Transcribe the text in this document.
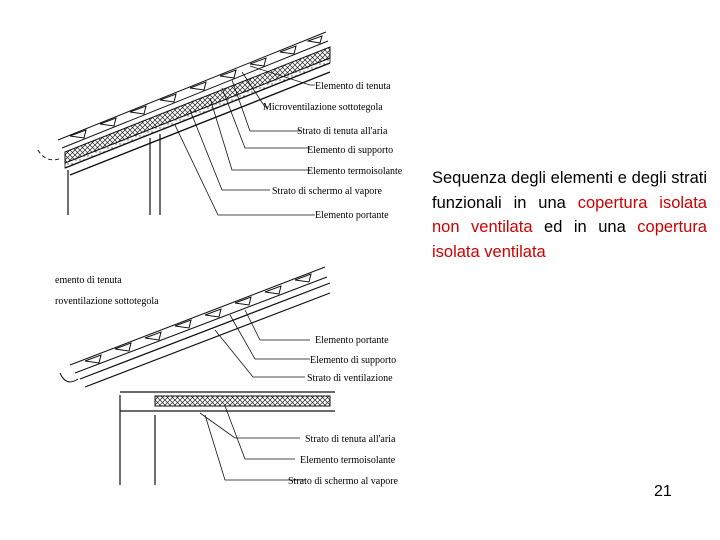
Elemento di tenuta
Microventilazione sottotegola
Strato di tenuta all'aria
Elemento di supporto
Elemento termoisolante
Strato di schermo al vapore
Elemento portante
emento di tenuta
roventilazione sottotegola
Elemento portante
Elemento di supporto
Strato di ventilazione
Strato di tenuta all'aria
Elemento termoisolante
Strato di schermo al vapore
Sequenza degli elementi e degli strati funzionali in una copertura isolata non ventilata ed in una copertura isolata ventilata
21
